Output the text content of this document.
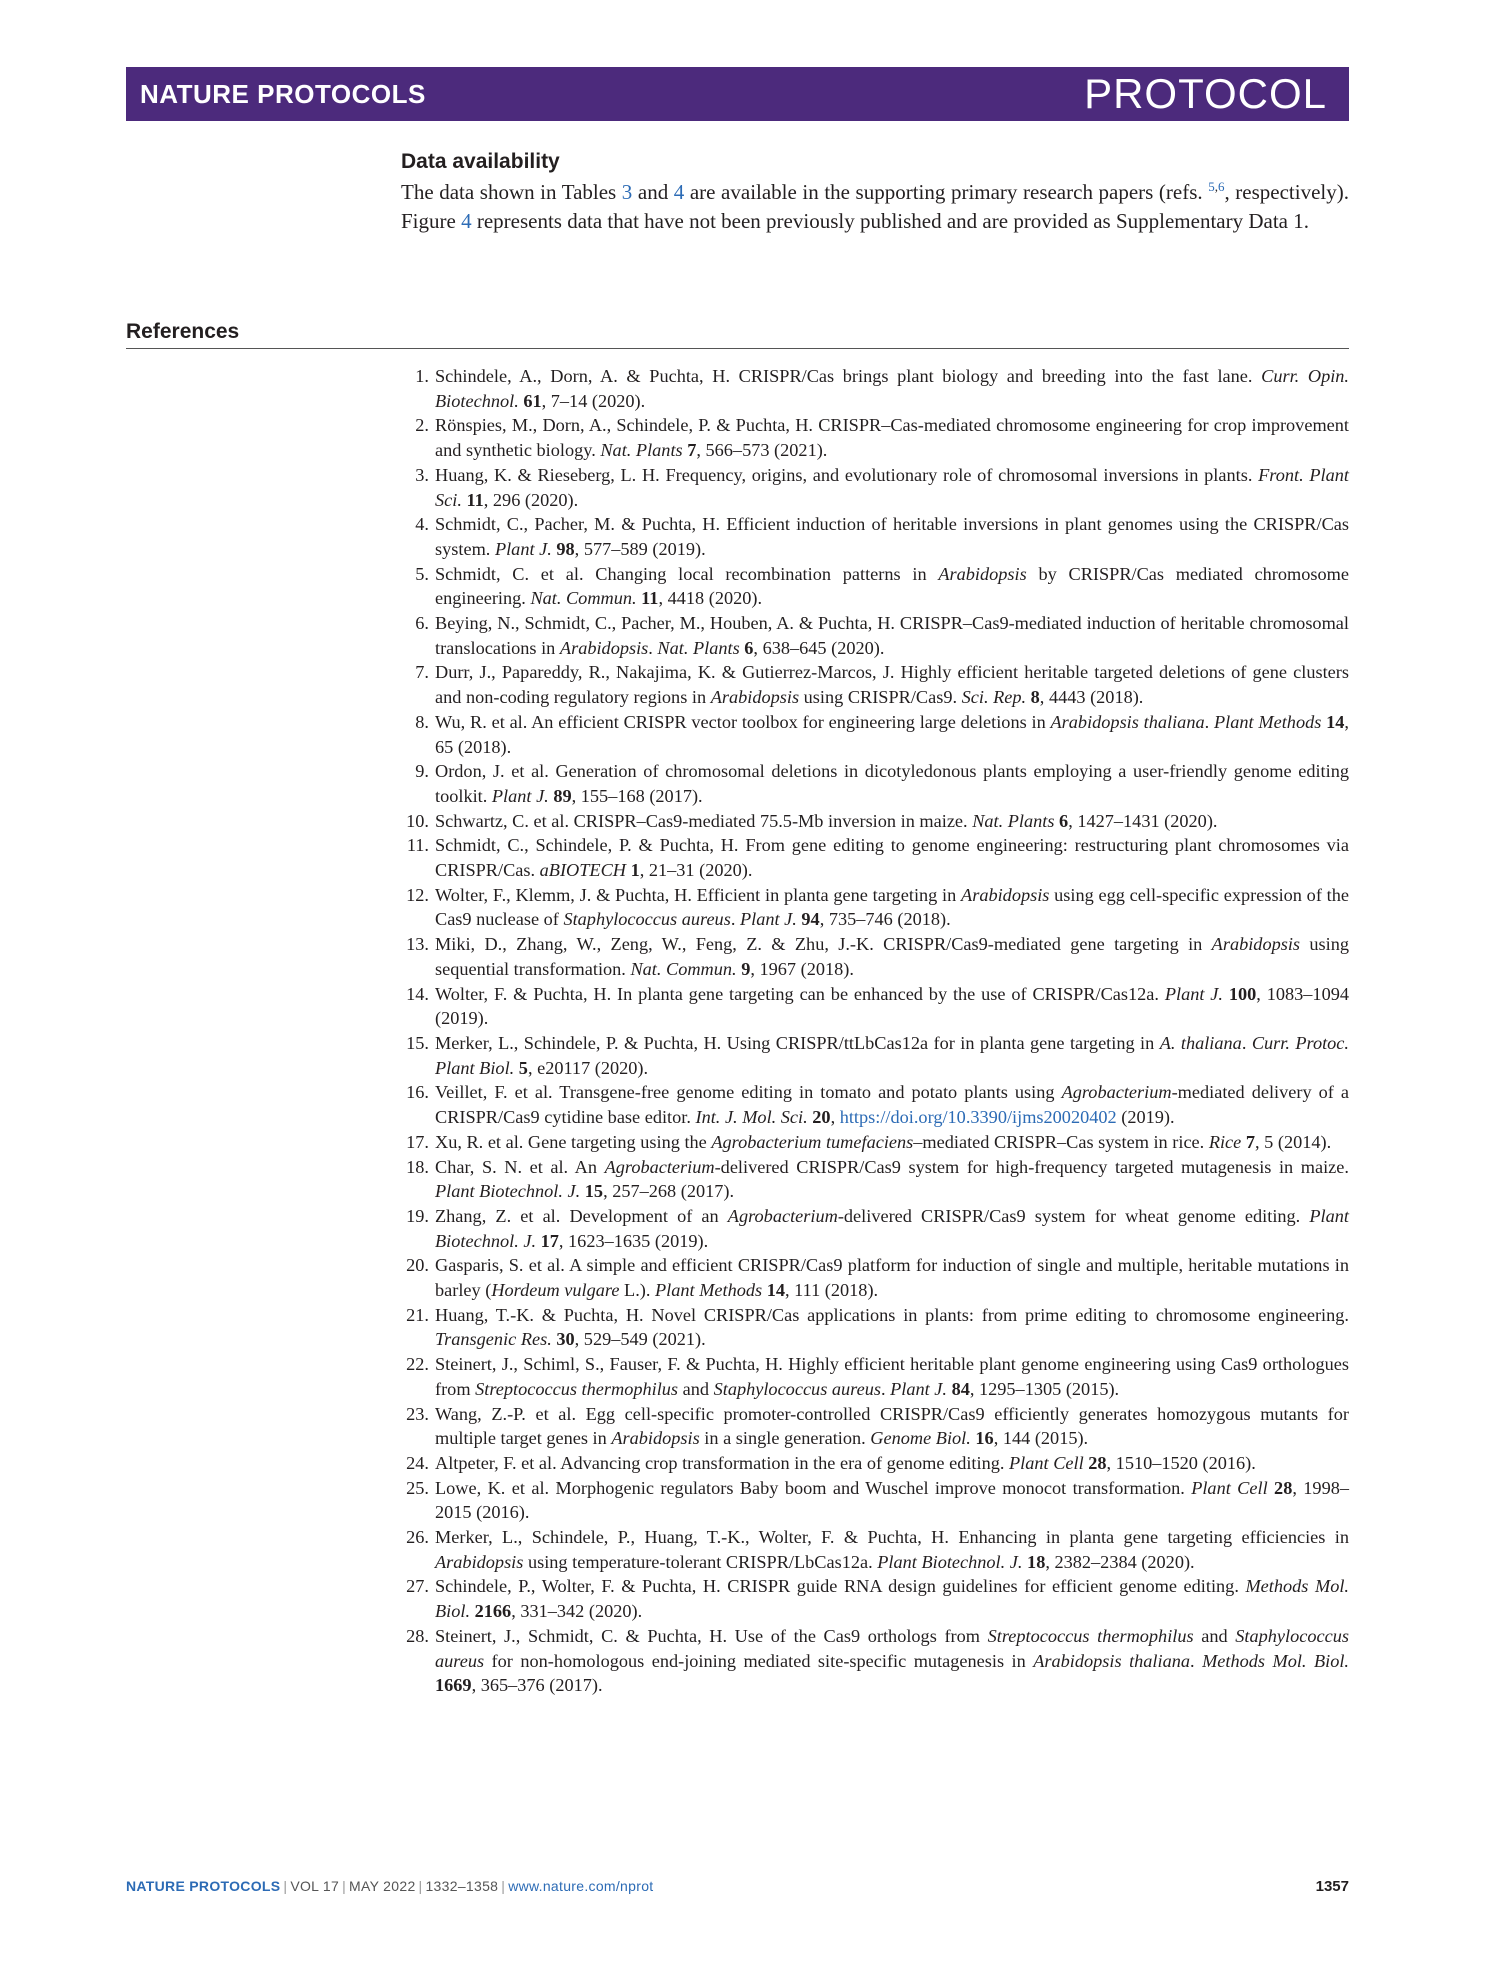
NATURE PROTOCOLS	PROTOCOL
Data availability

The data shown in Tables 3 and 4 are available in the supporting primary research papers (refs. $^{5,6}$, respectively). Figure 4 represents data that have not been previously published and are provided as Supplementary Data 1.

References
1. Schindele, A., Dorn, A. & Puchta, H. CRISPR/Cas brings plant biology and breeding into the fast lane. Curr. Opin. Biotechnol. 61, 7–14 (2020).
2. Rönspies, M., Dorn, A., Schindele, P. & Puchta, H. CRISPR–Cas-mediated chromosome engineering for crop improvement and synthetic biology. Nat. Plants 7, 566–573 (2021).
3. Huang, K. & Rieseberg, L. H. Frequency, origins, and evolutionary role of chromosomal inversions in plants. Front. Plant Sci. 11, 296 (2020).
4. Schmidt, C., Pacher, M. & Puchta, H. Efficient induction of heritable inversions in plant genomes using the CRISPR/Cas system. Plant J. 98, 577–589 (2019).
5. Schmidt, C. et al. Changing local recombination patterns in Arabidopsis by CRISPR/Cas mediated chromosome engineering. Nat. Commun. 11, 4418 (2020).
6. Beying, N., Schmidt, C., Pacher, M., Houben, A. & Puchta, H. CRISPR–Cas9-mediated induction of heritable chromosomal translocations in Arabidopsis. Nat. Plants 6, 638–645 (2020).
7. Durr, J., Papareddy, R., Nakajima, K. & Gutierrez-Marcos, J. Highly efficient heritable targeted deletions of gene clusters and non-coding regulatory regions in Arabidopsis using CRISPR/Cas9. Sci. Rep. 8, 4443 (2018).
8. Wu, R. et al. An efficient CRISPR vector toolbox for engineering large deletions in Arabidopsis thaliana. Plant Methods 14, 65 (2018).
9. Ordon, J. et al. Generation of chromosomal deletions in dicotyledonous plants employing a user-friendly genome editing toolkit. Plant J. 89, 155–168 (2017).
10. Schwartz, C. et al. CRISPR–Cas9-mediated 75.5-Mb inversion in maize. Nat. Plants 6, 1427–1431 (2020).
11. Schmidt, C., Schindele, P. & Puchta, H. From gene editing to genome engineering: restructuring plant chromosomes via CRISPR/Cas. aBIOTECH 1, 21–31 (2020).
12. Wolter, F., Klemm, J. & Puchta, H. Efficient in planta gene targeting in Arabidopsis using egg cell-specific expression of the Cas9 nuclease of Staphylococcus aureus. Plant J. 94, 735–746 (2018).
13. Miki, D., Zhang, W., Zeng, W., Feng, Z. & Zhu, J.-K. CRISPR/Cas9-mediated gene targeting in Arabidopsis using sequential transformation. Nat. Commun. 9, 1967 (2018).
14. Wolter, F. & Puchta, H. In planta gene targeting can be enhanced by the use of CRISPR/Cas12a. Plant J. 100, 1083–1094 (2019).
15. Merker, L., Schindele, P. & Puchta, H. Using CRISPR/ttLbCas12a for in planta gene targeting in A. thaliana. Curr. Protoc. Plant Biol. 5, e20117 (2020).
16. Veillet, F. et al. Transgene-free genome editing in tomato and potato plants using Agrobacterium-mediated delivery of a CRISPR/Cas9 cytidine base editor. Int. J. Mol. Sci. 20, https://doi.org/10.3390/ijms20020402 (2019).
17. Xu, R. et al. Gene targeting using the Agrobacterium tumefaciens–mediated CRISPR–Cas system in rice. Rice 7, 5 (2014).
18. Char, S. N. et al. An Agrobacterium-delivered CRISPR/Cas9 system for high-frequency targeted mutagenesis in maize. Plant Biotechnol. J. 15, 257–268 (2017).
19. Zhang, Z. et al. Development of an Agrobacterium-delivered CRISPR/Cas9 system for wheat genome editing. Plant Biotechnol. J. 17, 1623–1635 (2019).
20. Gasparis, S. et al. A simple and efficient CRISPR/Cas9 platform for induction of single and multiple, heritable mutations in barley (Hordeum vulgare L.). Plant Methods 14, 111 (2018).
21. Huang, T.-K. & Puchta, H. Novel CRISPR/Cas applications in plants: from prime editing to chromosome engineering. Transgenic Res. 30, 529–549 (2021).
22. Steinert, J., Schiml, S., Fauser, F. & Puchta, H. Highly efficient heritable plant genome engineering using Cas9 orthologues from Streptococcus thermophilus and Staphylococcus aureus. Plant J. 84, 1295–1305 (2015).
23. Wang, Z.-P. et al. Egg cell-specific promoter-controlled CRISPR/Cas9 efficiently generates homozygous mutants for multiple target genes in Arabidopsis in a single generation. Genome Biol. 16, 144 (2015).
24. Altpeter, F. et al. Advancing crop transformation in the era of genome editing. Plant Cell 28, 1510–1520 (2016).
25. Lowe, K. et al. Morphogenic regulators Baby boom and Wuschel improve monocot transformation. Plant Cell 28, 1998–2015 (2016).
26. Merker, L., Schindele, P., Huang, T.-K., Wolter, F. & Puchta, H. Enhancing in planta gene targeting efficiencies in Arabidopsis using temperature-tolerant CRISPR/LbCas12a. Plant Biotechnol. J. 18, 2382–2384 (2020).
27. Schindele, P., Wolter, F. & Puchta, H. CRISPR guide RNA design guidelines for efficient genome editing. Methods Mol. Biol. 2166, 331–342 (2020).
28. Steinert, J., Schmidt, C. & Puchta, H. Use of the Cas9 orthologs from Streptococcus thermophilus and Staphylococcus aureus for non-homologous end-joining mediated site-specific mutagenesis in Arabidopsis thaliana. Methods Mol. Biol. 1669, 365–376 (2017).
NATURE PROTOCOLS | VOL 17 | MAY 2022 | 1332–1358 | www.nature.com/nprot	1357
